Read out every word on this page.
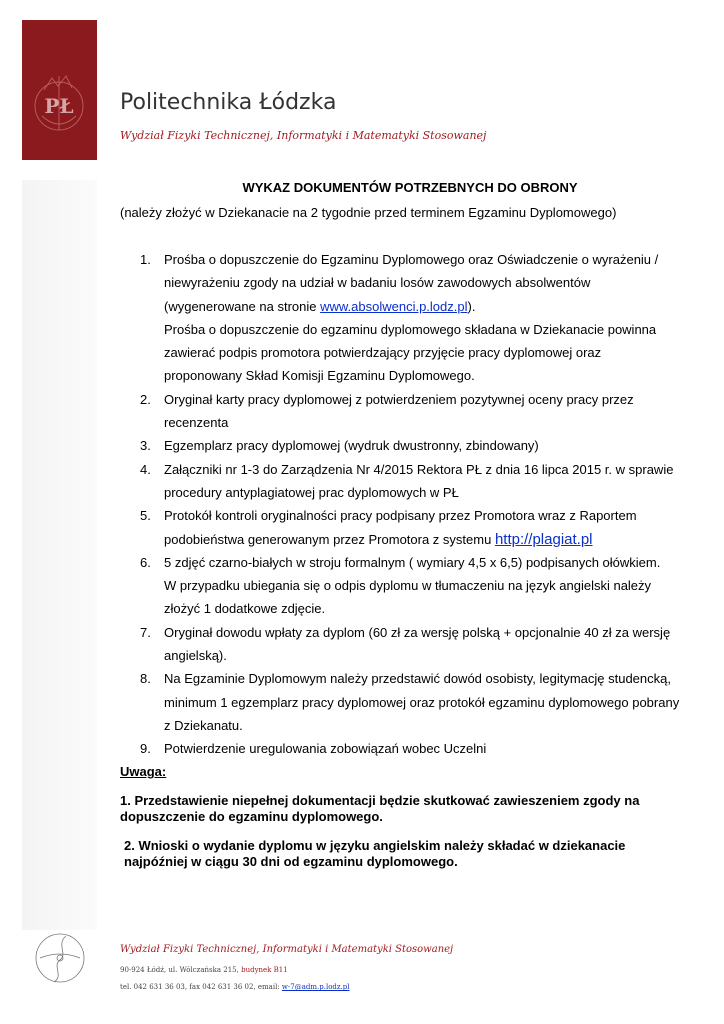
PŁ Politechnika Łódzka
Wydział Fizyki Technicznej, Informatyki i Matematyki Stosowanej
WYKAZ DOKUMENTÓW POTRZEBNYCH DO OBRONY
(należy złożyć w Dziekanacie na 2 tygodnie przed terminem Egzaminu Dyplomowego)
1. Prośba o dopuszczenie do Egzaminu Dyplomowego oraz Oświadczenie o wyrażeniu /
niewyrażeniu zgody na udział w badaniu losów zawodowych absolwentów
(wygenerowane na stronie www.absolwenci.p.lodz.pl).
Prośba o dopuszczenie do egzaminu dyplomowego składana w Dziekanacie powinna
zawierać podpis promotora potwierdzający przyjęcie pracy dyplomowej oraz
proponowany Skład Komisji Egzaminu Dyplomowego.
2. Oryginał karty pracy dyplomowej z potwierdzeniem pozytywnej oceny pracy przez
recenzenta
3. Egzemplarz pracy dyplomowej (wydruk dwustronny, zbindowany)
4. Załączniki nr 1-3 do Zarządzenia Nr 4/2015 Rektora PŁ z dnia 16 lipca 2015 r. w sprawie
procedury antyplagiatowej prac dyplomowych w PŁ
5. Protokół kontroli oryginalności pracy podpisany przez Promotora wraz z Raportem
podobieństwa generowanym przez Promotora z systemu http://plagiat.pl
6. 5 zdjęć czarno-białych w stroju formalnym ( wymiary 4,5 x 6,5) podpisanych ołówkiem.
W przypadku ubiegania się o odpis dyplomu w tłumaczeniu na język angielski należy
złożyć 1 dodatkowe zdjęcie.
7. Oryginał dowodu wpłaty za dyplom (60 zł za wersję polską + opcjonalnie 40 zł za wersję
angielską).
8. Na Egzaminie Dyplomowym należy przedstawić dowód osobisty, legitymację studencką,
minimum 1 egzemplarz pracy dyplomowej oraz protokół egzaminu dyplomowego pobrany
z Dziekanatu.
9. Potwierdzenie uregulowania zobowiązań wobec Uczelni
Uwaga:
1. Przedstawienie niepełnej dokumentacji będzie skutkować zawieszeniem zgody na
dopuszczenie do egzaminu dyplomowego.
2. Wnioski o wydanie dyplomu w języku angielskim należy składać w dziekanacie
najpóźniej w ciągu 30 dni od egzaminu dyplomowego.
Wydział Fizyki Technicznej, Informatyki i Matematyki Stosowanej
90-924 Łódź, ul. Wólczańska 215, budynek B11
tel. 042 631 36 03, fax 042 631 36 02, email: w-7@adm.p.lodz.pl
